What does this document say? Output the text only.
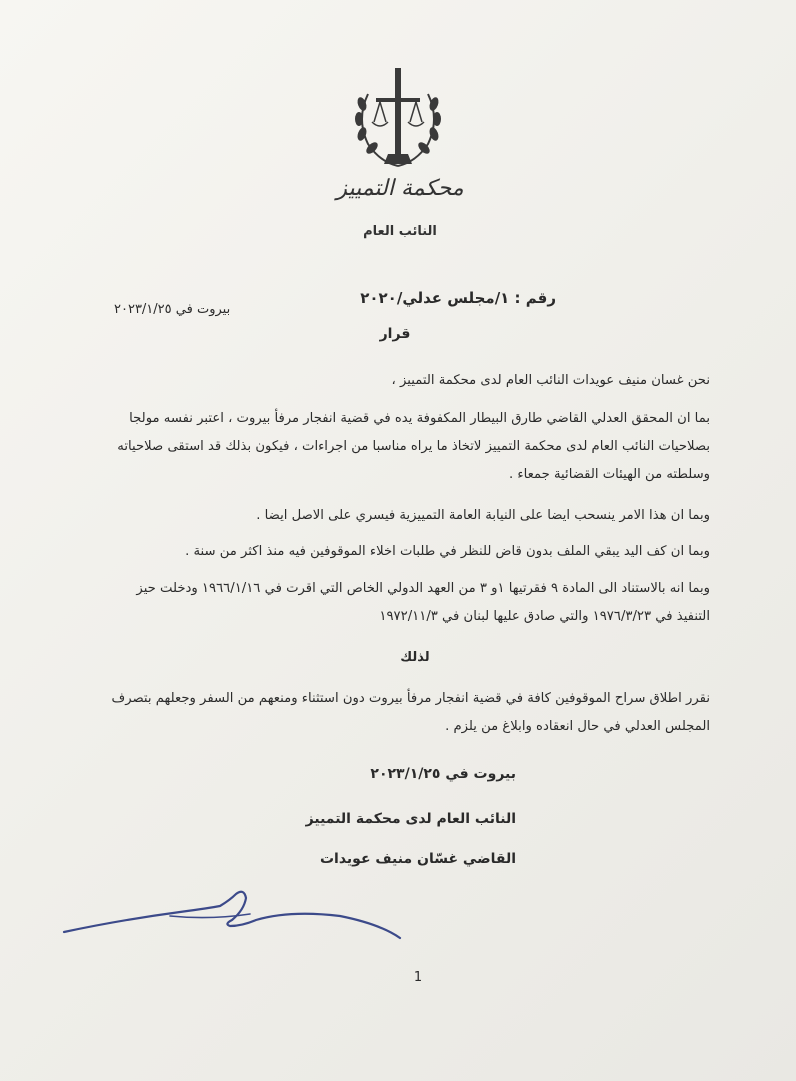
محكمة التمييز
النائب العام
رقم : ١/مجلس عدلي/٢٠٢٠
بيروت في ٢٠٢٣/١/٢٥
قرار
نحن غسان منيف عويدات النائب العام لدى محكمة التمييز ،
بما ان المحقق العدلي القاضي طارق البيطار المكفوفة يده في قضية انفجار مرفأ بيروت ، اعتبر نفسه مولجا بصلاحيات النائب العام لدى محكمة التمييز لاتخاذ ما يراه مناسبا من اجراءات ، فيكون بذلك قد استقى صلاحياته وسلطته من الهيئات القضائية جمعاء .
وبما ان هذا الامر ينسحب ايضا على النيابة العامة التمييزية فيسري على الاصل ايضا .
وبما ان كف اليد يبقي الملف بدون قاض للنظر في طلبات اخلاء الموقوفين فيه منذ اكثر من سنة .
وبما انه بالاستناد الى المادة ٩ فقرتيها ١و ٣ من العهد الدولي الخاص التي اقرت في ١٩٦٦/١/١٦ ودخلت حيز التنفيذ في ١٩٧٦/٣/٢٣ والتي صادق عليها لبنان في ١٩٧٢/١١/٣
لذلك
نقرر اطلاق سراح الموقوفين كافة في قضية انفجار مرفأ بيروت دون استثناء ومنعهم من السفر وجعلهم بتصرف المجلس العدلي في حال انعقاده وابلاغ من يلزم .
بيروت في ٢٠٢٣/١/٢٥
النائب العام لدى محكمة التمييز
القاضي غسّان منيف عويدات
1
